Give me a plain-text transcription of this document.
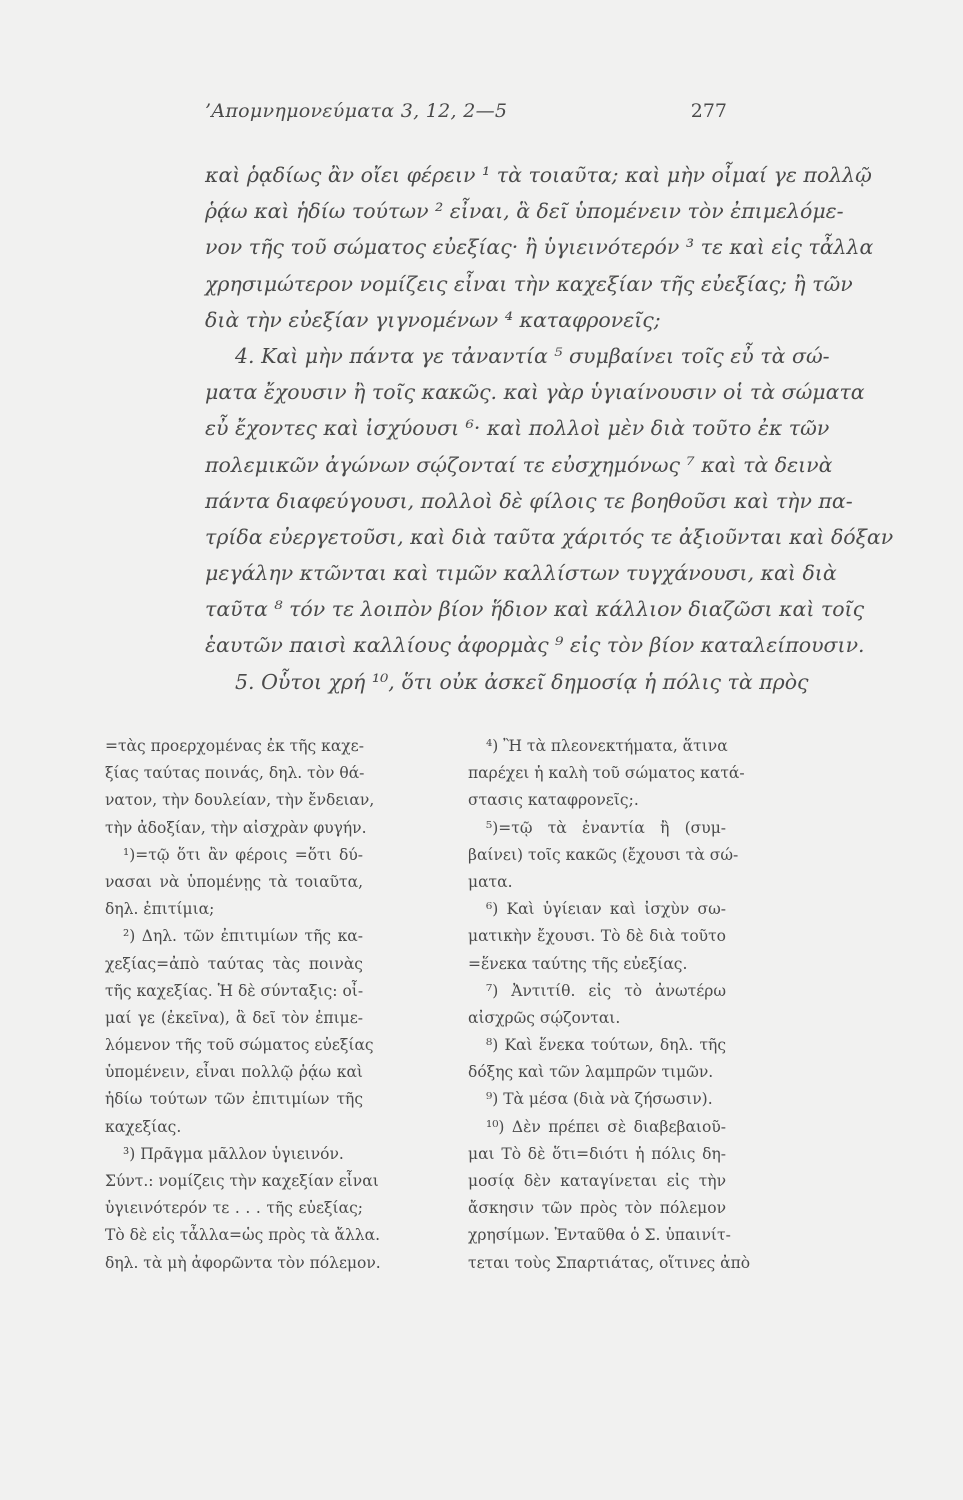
’Απομνημονεύματα 3, 12, 2—5	277
καὶ ῥᾳδίως ἂν οἴει φέρειν ¹ τὰ τοιαῦτα; καὶ μὴν οἶμαί γε πολλῷ
ῥᾴω καὶ ἡδίω τούτων ² εἶναι, ἃ δεῖ ὑπομένειν τὸν ἐπιμελόμε-
νον τῆς τοῦ σώματος εὐεξίας· ἢ ὑγιεινότερόν ³ τε καὶ εἰς τἆλλα
χρησιμώτερον νομίζεις εἶναι τὴν καχεξίαν τῆς εὐεξίας; ἢ τῶν
διὰ τὴν εὐεξίαν γιγνομένων ⁴ καταφρονεῖς;
4. Καὶ μὴν πάντα γε τἀναντία ⁵ συμβαίνει τοῖς εὖ τὰ σώ-
ματα ἔχουσιν ἢ τοῖς κακῶς. καὶ γὰρ ὑγιαίνουσιν οἱ τὰ σώματα
εὖ ἔχοντες καὶ ἰσχύουσι ⁶· καὶ πολλοὶ μὲν διὰ τοῦτο ἐκ τῶν
πολεμικῶν ἀγώνων σῴζονταί τε εὐσχημόνως ⁷ καὶ τὰ δεινὰ
πάντα διαφεύγουσι, πολλοὶ δὲ φίλοις τε βοηθοῦσι καὶ τὴν πα-
τρίδα εὐεργετοῦσι, καὶ διὰ ταῦτα χάριτός τε ἀξιοῦνται καὶ δόξαν
μεγάλην κτῶνται καὶ τιμῶν καλλίστων τυγχάνουσι, καὶ διὰ
ταῦτα ⁸ τόν τε λοιπὸν βίον ἥδιον καὶ κάλλιον διαζῶσι καὶ τοῖς
ἑαυτῶν παισὶ καλλίους ἀφορμὰς ⁹ εἰς τὸν βίον καταλείπουσιν.
5. Οὗτοι χρή ¹⁰, ὅτι οὐκ ἀσκεῖ δημοσίᾳ ἡ πόλις τὰ πρὸς
=τὰς προερχομένας ἐκ τῆς καχε-
ξίας ταύτας ποινάς, δηλ. τὸν θά-
νατον, τὴν δουλείαν, τὴν ἔνδειαν,
τὴν ἀδοξίαν, τὴν αἰσχρὰν φυγήν.
¹)=τῷ ὅτι ἂν φέροις =ὅτι δύ-
νασαι νὰ ὑπομένῃς τὰ τοιαῦτα,
δηλ. ἐπιτίμια;
²) Δηλ. τῶν ἐπιτιμίων τῆς κα-
χεξίας=ἀπὸ ταύτας τὰς ποινὰς
τῆς καχεξίας. Ἡ δὲ σύνταξις: οἶ-
μαί γε (ἐκεῖνα), ἃ δεῖ τὸν ἐπιμε-
λόμενον τῆς τοῦ σώματος εὐεξίας
ὑπομένειν, εἶναι πολλῷ ῥᾴω καὶ
ἡδίω τούτων τῶν ἐπιτιμίων τῆς
καχεξίας.
³) Πρᾶγμα μᾶλλον ὑγιεινόν.
Σύντ.: νομίζεις τὴν καχεξίαν εἶναι
ὑγιεινότερόν τε . . . τῆς εὐεξίας;
Τὸ δὲ εἰς τἆλλα=ὡς πρὸς τὰ ἄλλα.
δηλ. τὰ μὴ ἀφορῶντα τὸν πόλεμον.
⁴) Ἢ τὰ πλεονεκτήματα, ἅτινα
παρέχει ἡ καλὴ τοῦ σώματος κατά-
στασις καταφρονεῖς;.
⁵)=τῷ τὰ ἐναντία ἢ (συμ-
βαίνει) τοῖς κακῶς (ἔχουσι τὰ σώ-
ματα.
⁶) Καὶ ὑγίειαν καὶ ἰσχὺν σω-
ματικὴν ἔχουσι. Τὸ δὲ διὰ τοῦτο
=ἕνεκα ταύτης τῆς εὐεξίας.
⁷) Ἀντιτίθ. εἰς τὸ ἀνωτέρω
αἰσχρῶς σῴζονται.
⁸) Καὶ ἕνεκα τούτων, δηλ. τῆς
δόξης καὶ τῶν λαμπρῶν τιμῶν.
⁹) Τὰ μέσα (διὰ νὰ ζήσωσιν).
¹⁰) Δὲν πρέπει σὲ διαβεβαιοῦ-
μαι Τὸ δὲ ὅτι=διότι ἡ πόλις δη-
μοσίᾳ δὲν καταγίνεται εἰς τὴν
ἄσκησιν τῶν πρὸς τὸν πόλεμον
χρησίμων. Ἐνταῦθα ὁ Σ. ὑπαινίτ-
τεται τοὺς Σπαρτιάτας, οἵτινες ἀπὸ
